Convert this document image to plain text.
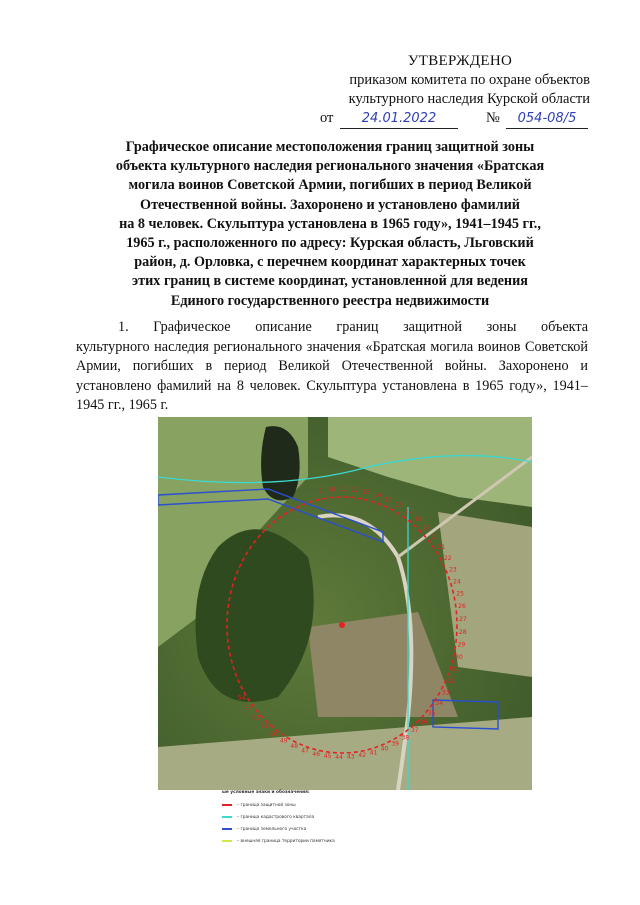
УТВЕРЖДЕНО
приказом комитета по охране объектов
культурного наследия Курской области
от	24.01.2022	№	054-08/5
Графическое описание местоположения границ защитной зоны
объекта культурного наследия регионального значения «Братская
могила воинов Советской Армии, погибших в период Великой
Отечественной войны. Захоронено и установлено фамилий
на 8 человек. Скульптура установлена в 1965 году», 1941–1945 гг.,
1965 г., расположенного по адресу: Курская область, Льговский
район, д. Орловка, с перечнем координат характерных точек
этих границ в системе координат, установленной для ведения
Единого государственного реестра недвижимости
1. Графическое описание границ защитной зоны объекта
культурного наследия регионального значения «Братская могила воинов Советской Армии, погибших в период Великой Отечественной войны. Захоронено и установлено фамилий на 8 человек. Скульптура установлена в 1965 году», 1941–1945 гг., 1965 г.
9 10 11 12 13 14
15
16
17
18
19
20
21
22
23
24
25
26
27
28
29
30
31
32
33
34
35
36
37
38
39
40
41
42
43
44
45
46
47
48
49
50
51
52
53
54
ые условные знаки и обозначения:
– граница защитной зоны
– граница кадастрового квартала
– граница земельного участка
– внешняя граница территории памятника
